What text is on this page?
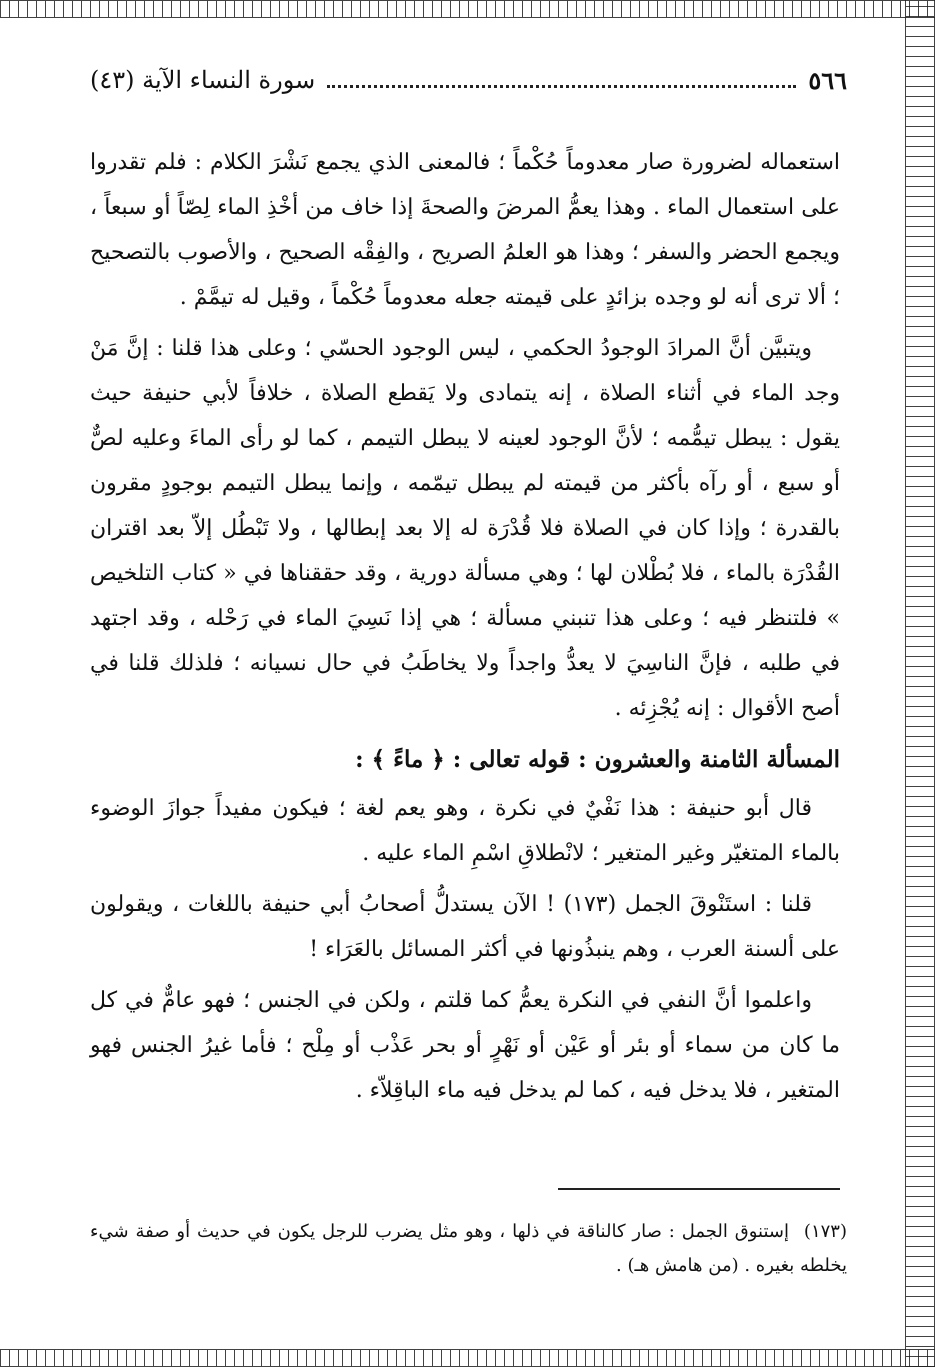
٥٦٦
سورة النساء الآية (٤٣)

استعماله لضرورة صار معدوماً حُكْماً ؛ فالمعنى الذي يجمع نَشْرَ الكلام : فلم تقدروا على استعمال الماء . وهذا يعمُّ المرضَ والصحةَ إذا خاف من أخْذِ الماء لِصّاً أو سبعاً ، ويجمع الحضر والسفر ؛ وهذا هو العلمُ الصريح ، والفِقْه الصحيح ، والأصوب بالتصحيح ؛ ألا ترى أنه لو وجده بزائدٍ على قيمته جعله معدوماً حُكْماً ، وقيل له تيمَّمْ .

ويتبيَّن أنَّ المرادَ الوجودُ الحكمي ، ليس الوجود الحسّي ؛ وعلى هذا قلنا : إنَّ مَنْ وجد الماء في أثناء الصلاة ، إنه يتمادى ولا يَقطع الصلاة ، خلافاً لأبي حنيفة حيث يقول : يبطل تيمُّمه ؛ لأنَّ الوجود لعينه لا يبطل التيمم ، كما لو رأى الماءَ وعليه لصٌّ أو سبع ، أو رآه بأكثر من قيمته لم يبطل تيمّمه ، وإنما يبطل التيمم بوجودٍ مقرون بالقدرة ؛ وإذا كان في الصلاة فلا قُدْرَة له إلا بعد إبطالها ، ولا تَبْطُل إلاّ بعد اقتران القُدْرَة بالماء ، فلا بُطْلان لها ؛ وهي مسألة دورية ، وقد حققناها في « كتاب التلخيص » فلتنظر فيه ؛ وعلى هذا تنبني مسألة ؛ هي إذا نَسِيَ الماء في رَحْله ، وقد اجتهد في طلبه ، فإنَّ الناسِيَ لا يعدُّ واجداً ولا يخاطَبُ في حال نسيانه ؛ فلذلك قلنا في أصح الأقوال : إنه يُجْزِئه .

المسألة الثامنة والعشرون : قوله تعالى : ﴿ ماءً ﴾ :

قال أبو حنيفة : هذا نَفْيٌ في نكرة ، وهو يعم لغة ؛ فيكون مفيداً جوازَ الوضوء بالماء المتغيّر وغير المتغير ؛ لانْطلاقِ اسْمِ الماء عليه .

قلنا : استَنْوقَ الجمل (١٧٣) ! الآن يستدلُّ أصحابُ أبي حنيفة باللغات ، ويقولون على ألسنة العرب ، وهم ينبذُونها في أكثر المسائل بالعَرَاء !

واعلموا أنَّ النفي في النكرة يعمُّ كما قلتم ، ولكن في الجنس ؛ فهو عامٌّ في كل ما كان من سماء أو بئر أو عَيْن أو نَهْرٍ أو بحر عَذْب أو مِلْح ؛ فأما غيرُ الجنس فهو المتغير ، فلا يدخل فيه ، كما لم يدخل فيه ماء الباقِلاّء .

(١٧٣) إستنوق الجمل : صار كالناقة في ذلها ، وهو مثل يضرب للرجل يكون في حديث أو صفة شيء يخلطه بغيره . (من هامش هـ) .
